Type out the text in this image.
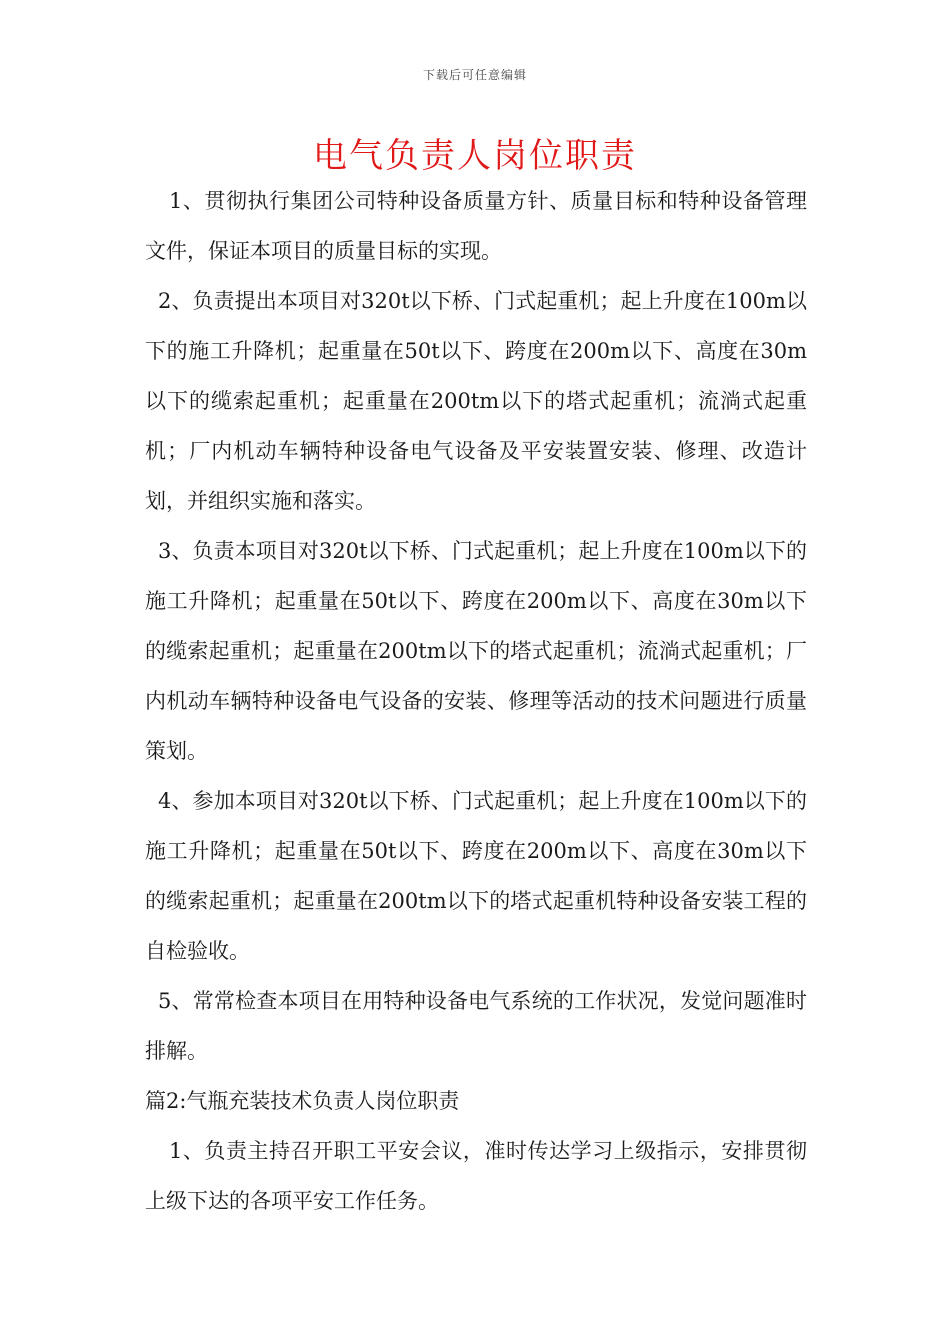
下载后可任意编辑
电气负责人岗位职责

1、贯彻执行集团公司特种设备质量方针、质量目标和特种设备管理文件，保证本项目的质量目标的实现。

2、负责提出本项目对320t以下桥、门式起重机；起上升度在100m以下的施工升降机；起重量在50t以下、跨度在200m以下、高度在30m以下的缆索起重机；起重量在200tm以下的塔式起重机；流淌式起重机；厂内机动车辆特种设备电气设备及平安装置安装、修理、改造计划，并组织实施和落实。

3、负责本项目对320t以下桥、门式起重机；起上升度在100m以下的施工升降机；起重量在50t以下、跨度在200m以下、高度在30m以下的缆索起重机；起重量在200tm以下的塔式起重机；流淌式起重机；厂内机动车辆特种设备电气设备的安装、修理等活动的技术问题进行质量策划。

4、参加本项目对320t以下桥、门式起重机；起上升度在100m以下的施工升降机；起重量在50t以下、跨度在200m以下、高度在30m以下的缆索起重机；起重量在200tm以下的塔式起重机特种设备安装工程的自检验收。

5、常常检查本项目在用特种设备电气系统的工作状况，发觉问题准时排解。

篇2:气瓶充装技术负责人岗位职责

1、负责主持召开职工平安会议，准时传达学习上级指示，安排贯彻上级下达的各项平安工作任务。
